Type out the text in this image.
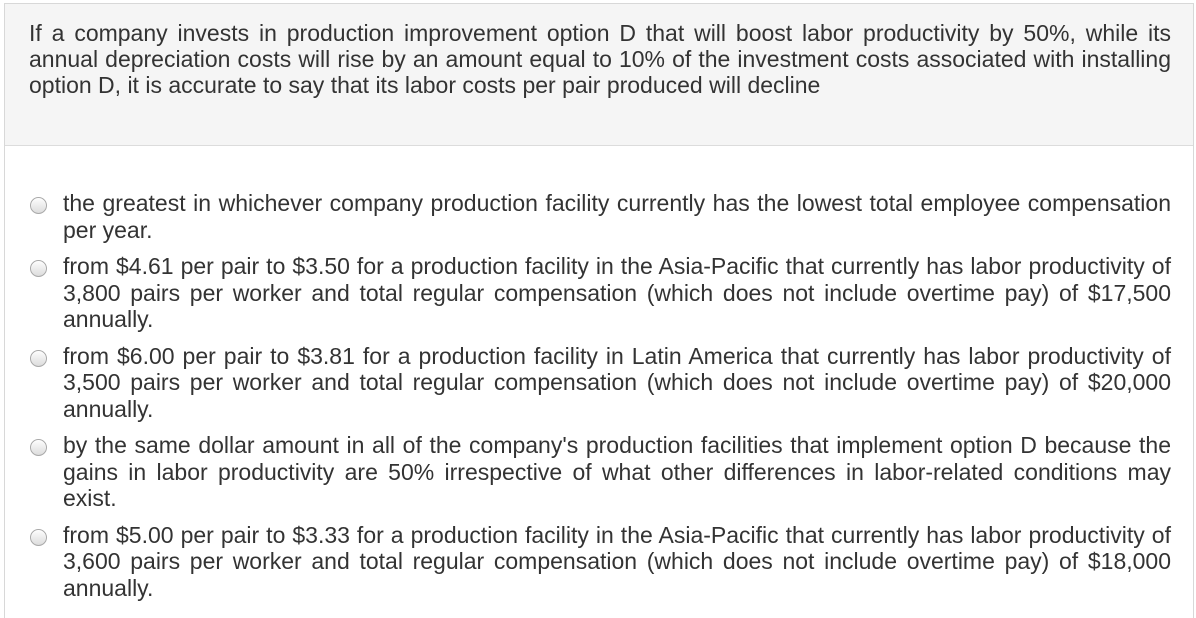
If a company invests in production improvement option D that will boost labor productivity by 50%, while its annual depreciation costs will rise by an amount equal to 10% of the investment costs associated with installing option D, it is accurate to say that its labor costs per pair produced will decline
the greatest in whichever company production facility currently has the lowest total employee compensation per year.
from $4.61 per pair to $3.50 for a production facility in the Asia-Pacific that currently has labor productivity of 3,800 pairs per worker and total regular compensation (which does not include overtime pay) of $17,500 annually.
from $6.00 per pair to $3.81 for a production facility in Latin America that currently has labor productivity of 3,500 pairs per worker and total regular compensation (which does not include overtime pay) of $20,000 annually.
by the same dollar amount in all of the company's production facilities that implement option D because the gains in labor productivity are 50% irrespective of what other differences in labor-related conditions may exist.
from $5.00 per pair to $3.33 for a production facility in the Asia-Pacific that currently has labor productivity of 3,600 pairs per worker and total regular compensation (which does not include overtime pay) of $18,000 annually.
